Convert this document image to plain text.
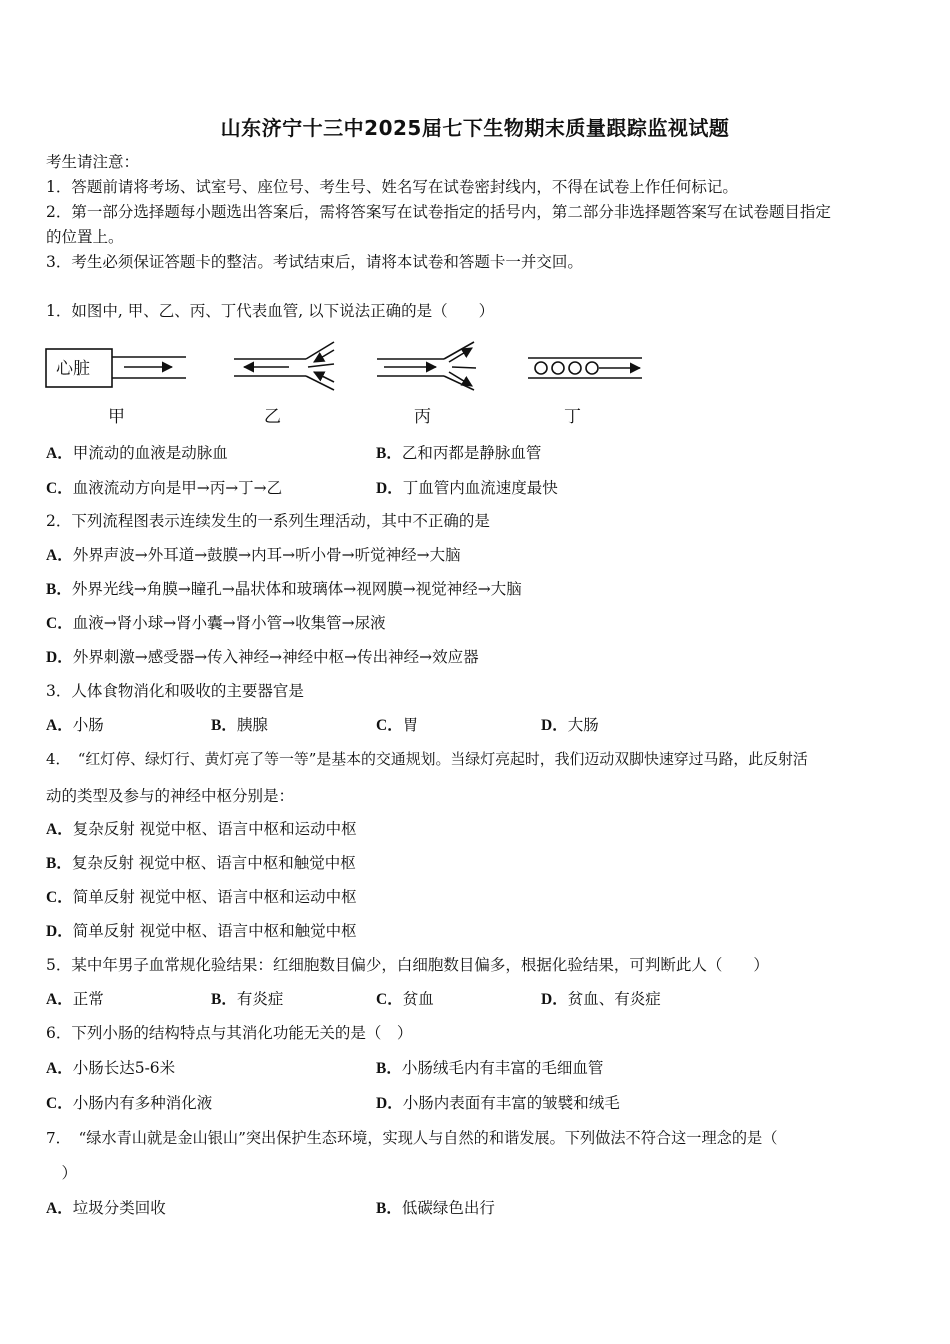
山东济宁十三中2025届七下生物期末质量跟踪监视试题
考生请注意：
1．答题前请将考场、试室号、座位号、考生号、姓名写在试卷密封线内，不得在试卷上作任何标记。
2．第一部分选择题每小题选出答案后，需将答案写在试卷指定的括号内，第二部分非选择题答案写在试卷题目指定
的位置上。
3．考生必须保证答题卡的整洁。考试结束后，请将本试卷和答题卡一并交回。
1．如图中, 甲、乙、丙、丁代表血管, 以下说法正确的是（　　）
心脏
甲	乙	丙	丁
A．甲流动的血液是动脉血	B．乙和丙都是静脉血管
C．血液流动方向是甲→丙→丁→乙	D．丁血管内血流速度最快
2．下列流程图表示连续发生的一系列生理活动，其中不正确的是
A．外界声波→外耳道→鼓膜→内耳→听小骨→听觉神经→大脑
B．外界光线→角膜→瞳孔→晶状体和玻璃体→视网膜→视觉神经→大脑
C．血液→肾小球→肾小囊→肾小管→收集管→尿液
D．外界刺激→感受器→传入神经→神经中枢→传出神经→效应器
3．人体食物消化和吸收的主要器官是
A．小肠	B．胰腺	C．胃	D．大肠
4．　“红灯停、绿灯行、黄灯亮了等一等”是基本的交通规划。当绿灯亮起时，我们迈动双脚快速穿过马路，此反射活
动的类型及参与的神经中枢分别是：
A．复杂反射 视觉中枢、语言中枢和运动中枢
B．复杂反射 视觉中枢、语言中枢和触觉中枢
C．简单反射 视觉中枢、语言中枢和运动中枢
D．简单反射 视觉中枢、语言中枢和触觉中枢
5．某中年男子血常规化验结果：红细胞数目偏少，白细胞数目偏多，根据化验结果，可判断此人（　　）
A．正常	B．有炎症	C．贫血	D．贫血、有炎症
6．下列小肠的结构特点与其消化功能无关的是（　）
A．小肠长达5-6米	B．小肠绒毛内有丰富的毛细血管
C．小肠内有多种消化液	D．小肠内表面有丰富的皱襞和绒毛
7．　“绿水青山就是金山银山”突出保护生态环境，实现人与自然的和谐发展。下列做法不符合这一理念的是（
　）
A．垃圾分类回收	B．低碳绿色出行
